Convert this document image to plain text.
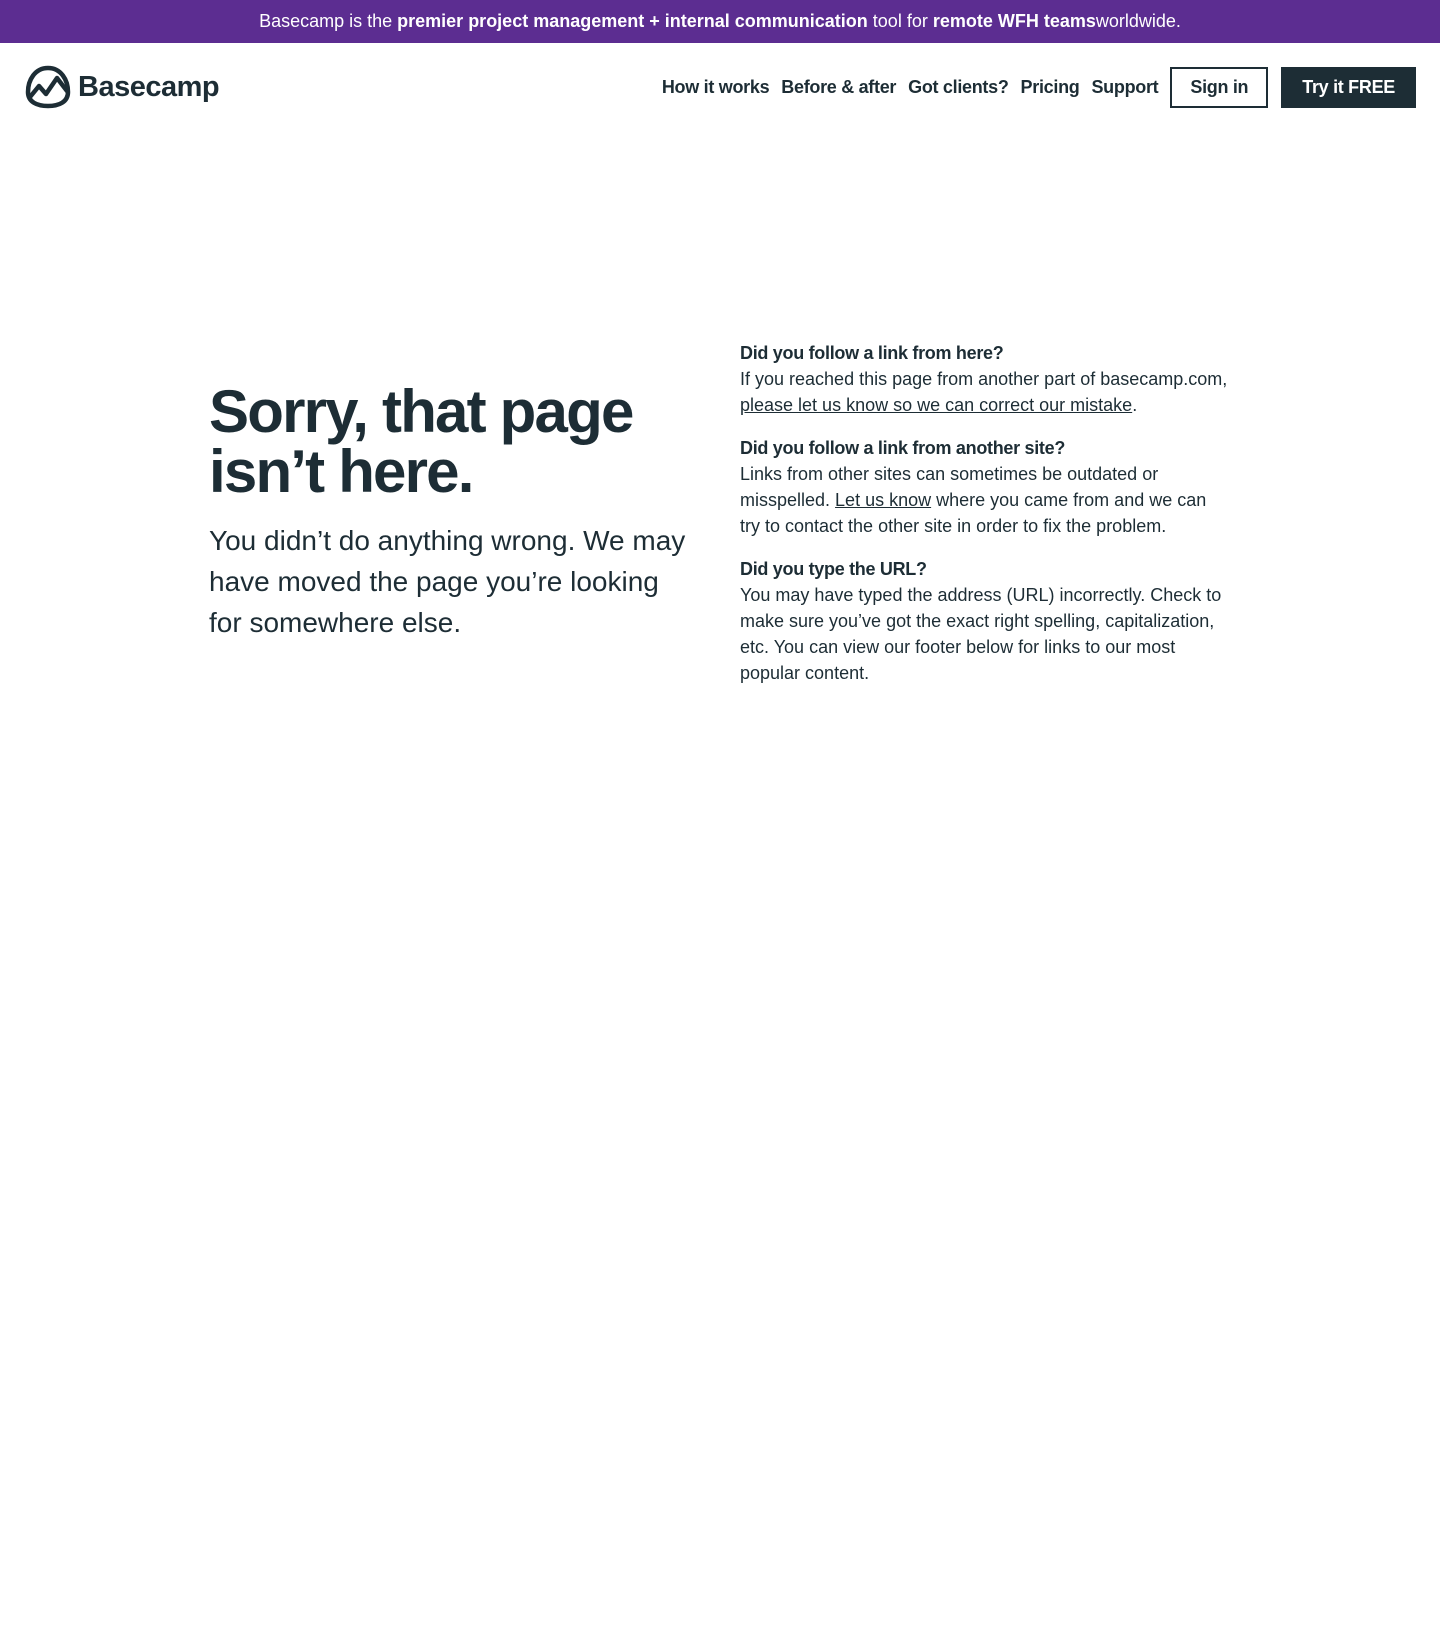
Basecamp is the
premier project management + internal communication
tool for
remote WFH teams worldwide.
Basecamp	How it works Before & after Got clients? Pricing Support	Sign in	Try it FREE
Sorry, that page isn’t here.

You didn’t do anything wrong. We may have moved the page you’re looking for somewhere else.

Did you follow a link from here?

If you reached this page from another part of basecamp.com, please let us know so we can correct our mistake.

Did you follow a link from another site?

Links from other sites can sometimes be outdated or misspelled. Let us know where you came from and we can try to contact the other site in order to fix the problem.

Did you type the URL?

You may have typed the address (URL) incorrectly. Check to make sure you’ve got the exact right spelling, capitalization, etc. You can view our footer below for links to our most popular content.
